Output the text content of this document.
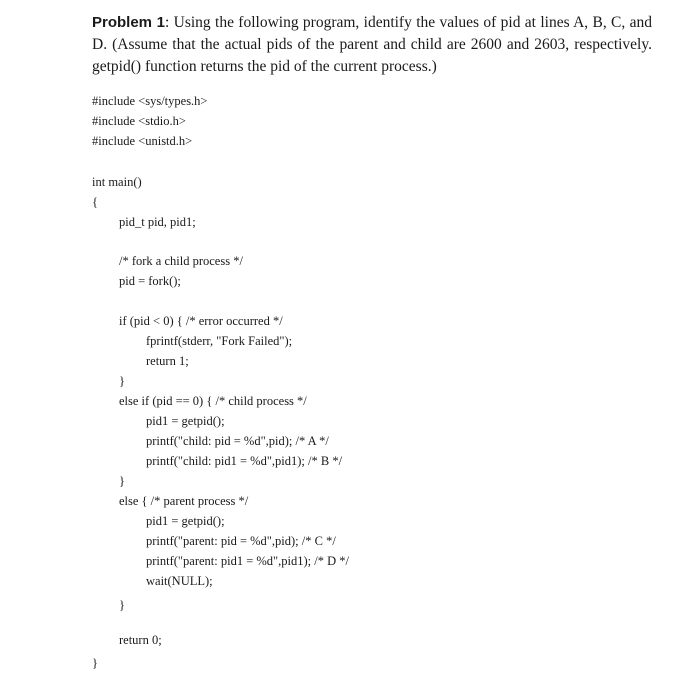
Problem 1: Using the following program, identify the values of pid at lines A, B, C, and D. (Assume that the actual pids of the parent and child are 2600 and 2603, respectively. getpid() function returns the pid of the current process.)
#include <sys/types.h>
#include <stdio.h>
#include <unistd.h>
int main()
{
pid_t pid, pid1;
/* fork a child process */
pid = fork();
if (pid < 0) { /* error occurred */
fprintf(stderr, "Fork Failed");
return 1;
}
else if (pid == 0) { /* child process */
pid1 = getpid();
printf("child: pid = %d",pid); /* A */
printf("child: pid1 = %d",pid1); /* B */
}
else { /* parent process */
pid1 = getpid();
printf("parent: pid = %d",pid); /* C */
printf("parent: pid1 = %d",pid1); /* D */
wait(NULL);
}
return 0;
}
